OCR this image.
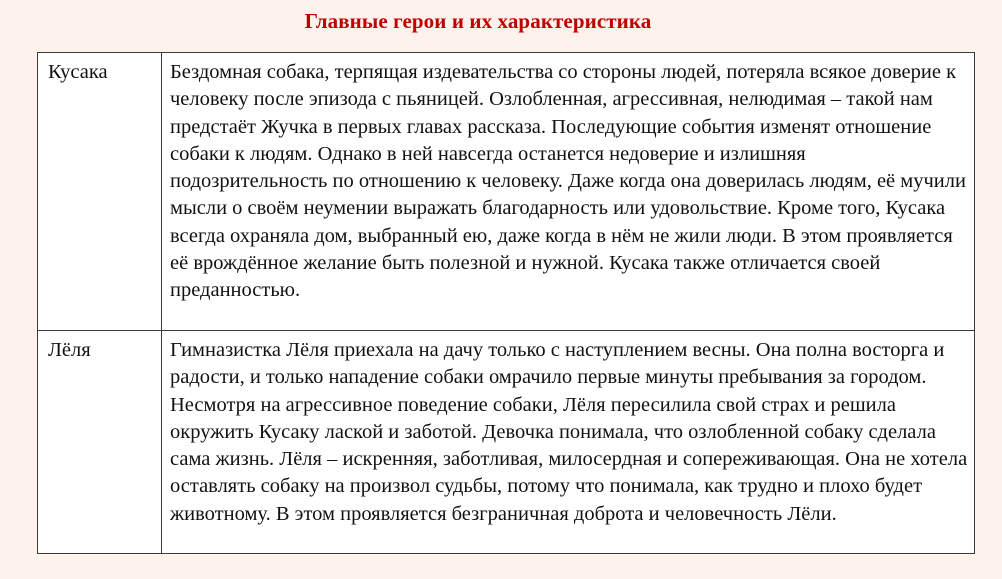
Главные герои и их характеристика
Кусака	Бездомная собака, терпящая издевательства со стороны людей, потеряла всякое доверие к человеку после эпизода с пьяницей. Озлобленная, агрессивная, нелюдимая – такой нам предстаёт Жучка в первых главах рассказа. Последующие события изменят отношение собаки к людям. Однако в ней навсегда останется недоверие и излишняя подозрительность по отношению к человеку. Даже когда она доверилась людям, её мучили мысли о своём неумении выражать благодарность или удовольствие. Кроме того, Кусака всегда охраняла дом, выбранный ею, даже когда в нём не жили люди. В этом проявляется её врождённое желание быть полезной и нужной. Кусака также отличается своей преданностью.
Лёля	Гимназистка Лёля приехала на дачу только с наступлением весны. Она полна восторга и радости, и только нападение собаки омрачило первые минуты пребывания за городом. Несмотря на агрессивное поведение собаки, Лёля пересилила свой страх и решила окружить Кусаку лаской и заботой. Девочка понимала, что озлобленной собаку сделала сама жизнь. Лёля – искренняя, заботливая, милосердная и сопереживающая. Она не хотела оставлять собаку на произвол судьбы, потому что понимала, как трудно и плохо будет животному. В этом проявляется безграничная доброта и человечность Лёли.
